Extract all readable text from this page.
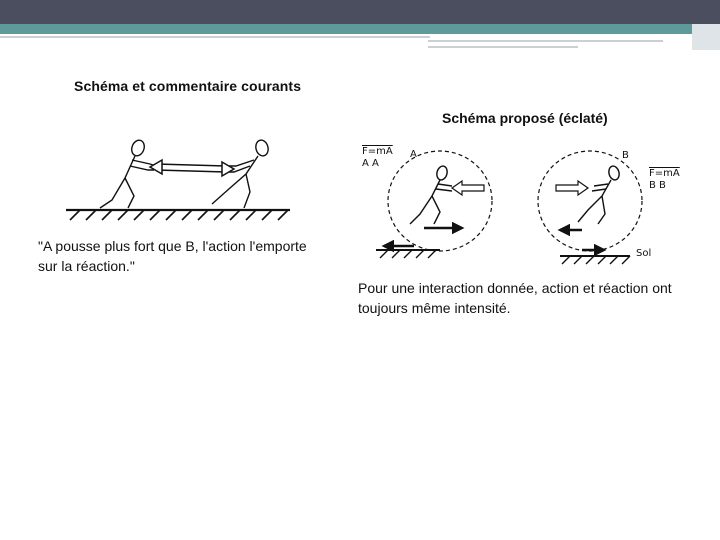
Schéma et commentaire courants
"A pousse plus fort que B, l'action l'emporte sur la réaction."
Schéma proposé (éclaté)
F=mA
A A
A	B
F=mA
B B
Sol
Pour une interaction donnée, action et réaction ont toujours même intensité.
